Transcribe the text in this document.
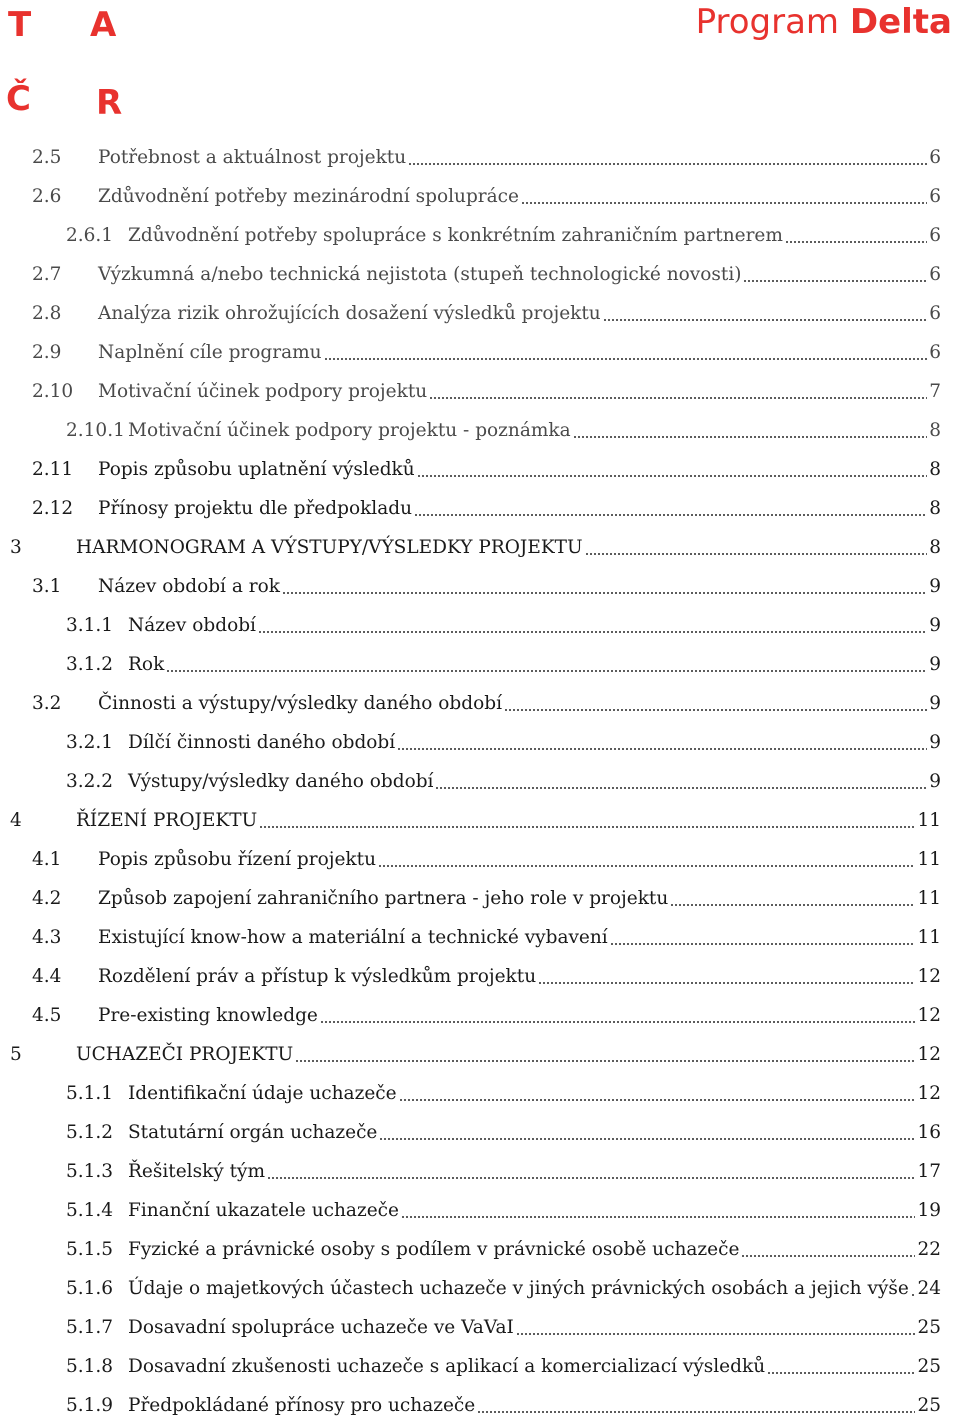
T A
Č R
Program Delta
2.5	Potřebnost a aktuálnost projektu	6
2.6	Zdůvodnění potřeby mezinárodní spolupráce	6
2.6.1 Zdůvodnění potřeby spolupráce s konkrétním zahraničním partnerem	6
2.7	Výzkumná a/nebo technická nejistota (stupeň technologické novosti)	6
2.8	Analýza rizik ohrožujících dosažení výsledků projektu	6
2.9	Naplnění cíle programu	6
2.10	Motivační účinek podpory projektu	7
2.10.1 Motivační účinek podpory projektu - poznámka	8
2.11	Popis způsobu uplatnění výsledků	8
2.12	Přínosy projektu dle předpokladu	8
3	HARMONOGRAM A VÝSTUPY/VÝSLEDKY PROJEKTU	8
3.1	Název období a rok	9
3.1.1 Název období	9
3.1.2 Rok	9
3.2	Činnosti a výstupy/výsledky daného období	9
3.2.1 Dílčí činnosti daného období	9
3.2.2 Výstupy/výsledky daného období	9
4	ŘÍZENÍ PROJEKTU	11
4.1	Popis způsobu řízení projektu	11
4.2	Způsob zapojení zahraničního partnera - jeho role v projektu	11
4.3	Existující know-how a materiální a technické vybavení	11
4.4	Rozdělení práv a přístup k výsledkům projektu	12
4.5	Pre-existing knowledge	12
5	UCHAZEČI PROJEKTU	12
5.1.1 Identifikační údaje uchazeče	12
5.1.2 Statutární orgán uchazeče	16
5.1.3 Řešitelský tým	17
5.1.4 Finanční ukazatele uchazeče	19
5.1.5 Fyzické a právnické osoby s podílem v právnické osobě uchazeče	22
5.1.6 Údaje o majetkových účastech uchazeče v jiných právnických osobách a jejich výše 24
5.1.7 Dosavadní spolupráce uchazeče ve VaVaI	25
5.1.8 Dosavadní zkušenosti uchazeče s aplikací a komercializací výsledků	25
5.1.9 Předpokládané přínosy pro uchazeče	25
